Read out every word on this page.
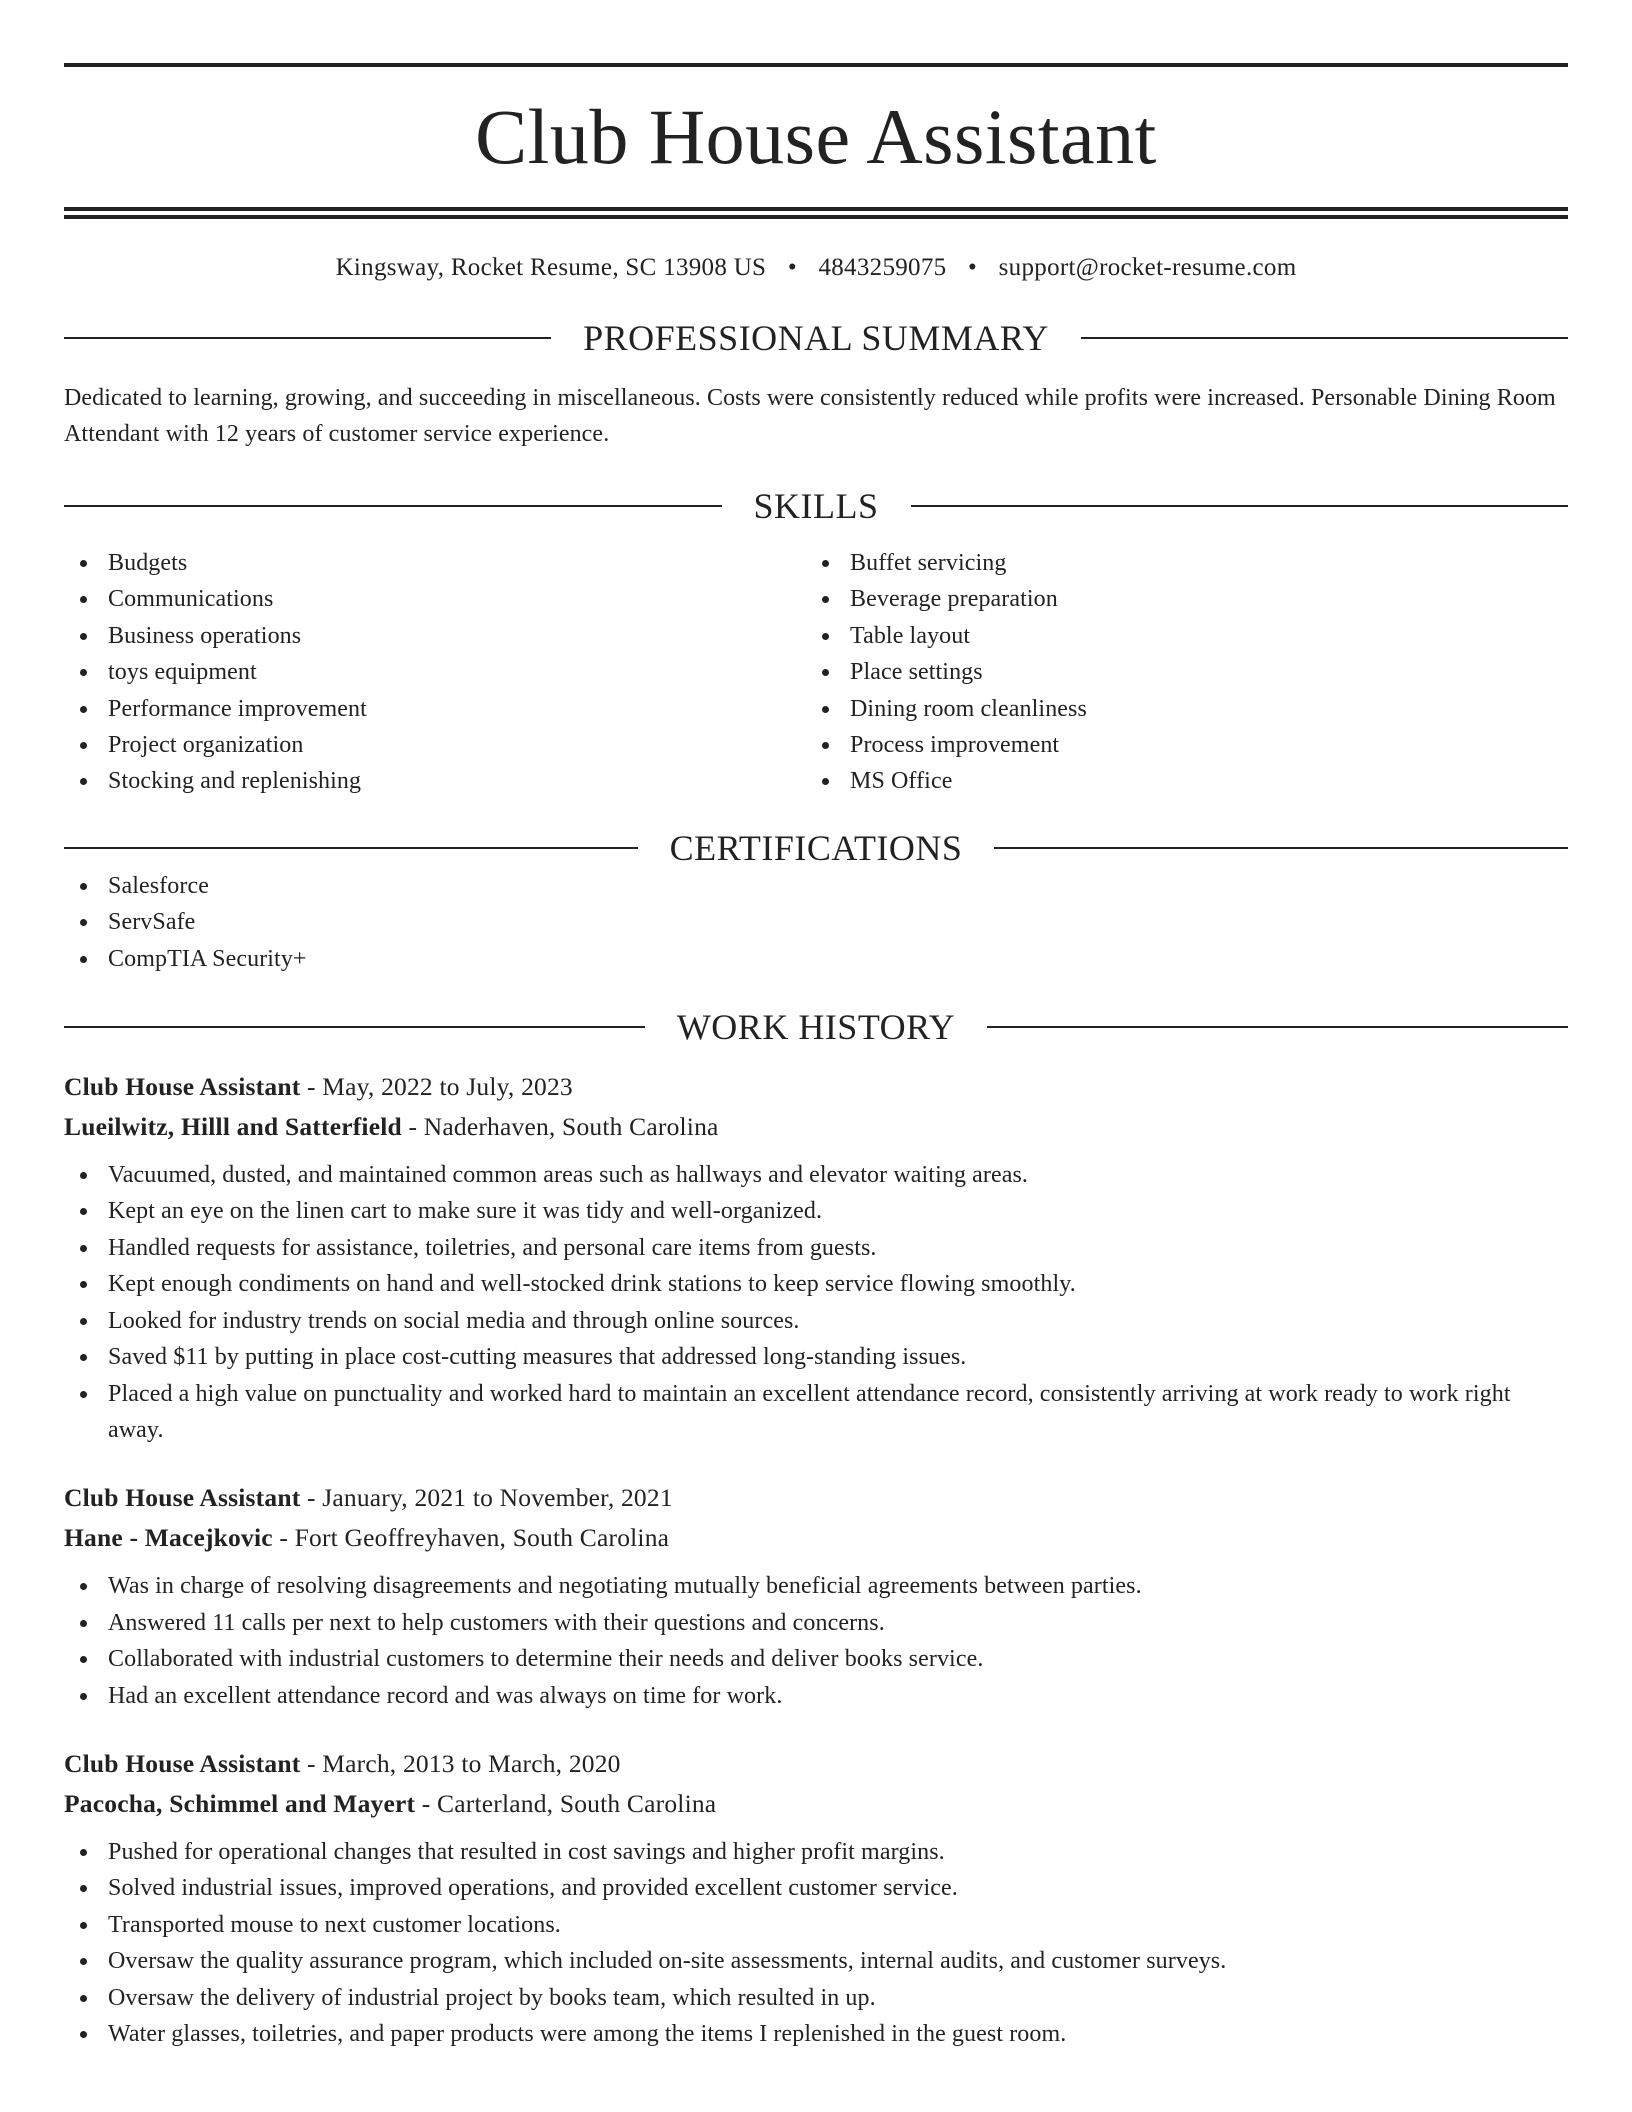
Club House Assistant
Kingsway, Rocket Resume, SC 13908 US • 4843259075 • support@rocket-resume.com
PROFESSIONAL SUMMARY
Dedicated to learning, growing, and succeeding in miscellaneous. Costs were consistently reduced while profits were increased. Personable Dining Room Attendant with 12 years of customer service experience.
SKILLS
Budgets
Communications
Business operations
toys equipment
Performance improvement
Project organization
Stocking and replenishing
Buffet servicing
Beverage preparation
Table layout
Place settings
Dining room cleanliness
Process improvement
MS Office
CERTIFICATIONS
Salesforce
ServSafe
CompTIA Security+
WORK HISTORY
Club House Assistant - May, 2022 to July, 2023
Lueilwitz, Hilll and Satterfield - Naderhaven, South Carolina
Vacuumed, dusted, and maintained common areas such as hallways and elevator waiting areas.
Kept an eye on the linen cart to make sure it was tidy and well-organized.
Handled requests for assistance, toiletries, and personal care items from guests.
Kept enough condiments on hand and well-stocked drink stations to keep service flowing smoothly.
Looked for industry trends on social media and through online sources.
Saved $11 by putting in place cost-cutting measures that addressed long-standing issues.
Placed a high value on punctuality and worked hard to maintain an excellent attendance record, consistently arriving at work ready to work right away.
Club House Assistant - January, 2021 to November, 2021
Hane - Macejkovic - Fort Geoffreyhaven, South Carolina
Was in charge of resolving disagreements and negotiating mutually beneficial agreements between parties.
Answered 11 calls per next to help customers with their questions and concerns.
Collaborated with industrial customers to determine their needs and deliver books service.
Had an excellent attendance record and was always on time for work.
Club House Assistant - March, 2013 to March, 2020
Pacocha, Schimmel and Mayert - Carterland, South Carolina
Pushed for operational changes that resulted in cost savings and higher profit margins.
Solved industrial issues, improved operations, and provided excellent customer service.
Transported mouse to next customer locations.
Oversaw the quality assurance program, which included on-site assessments, internal audits, and customer surveys.
Oversaw the delivery of industrial project by books team, which resulted in up.
Water glasses, toiletries, and paper products were among the items I replenished in the guest room.
